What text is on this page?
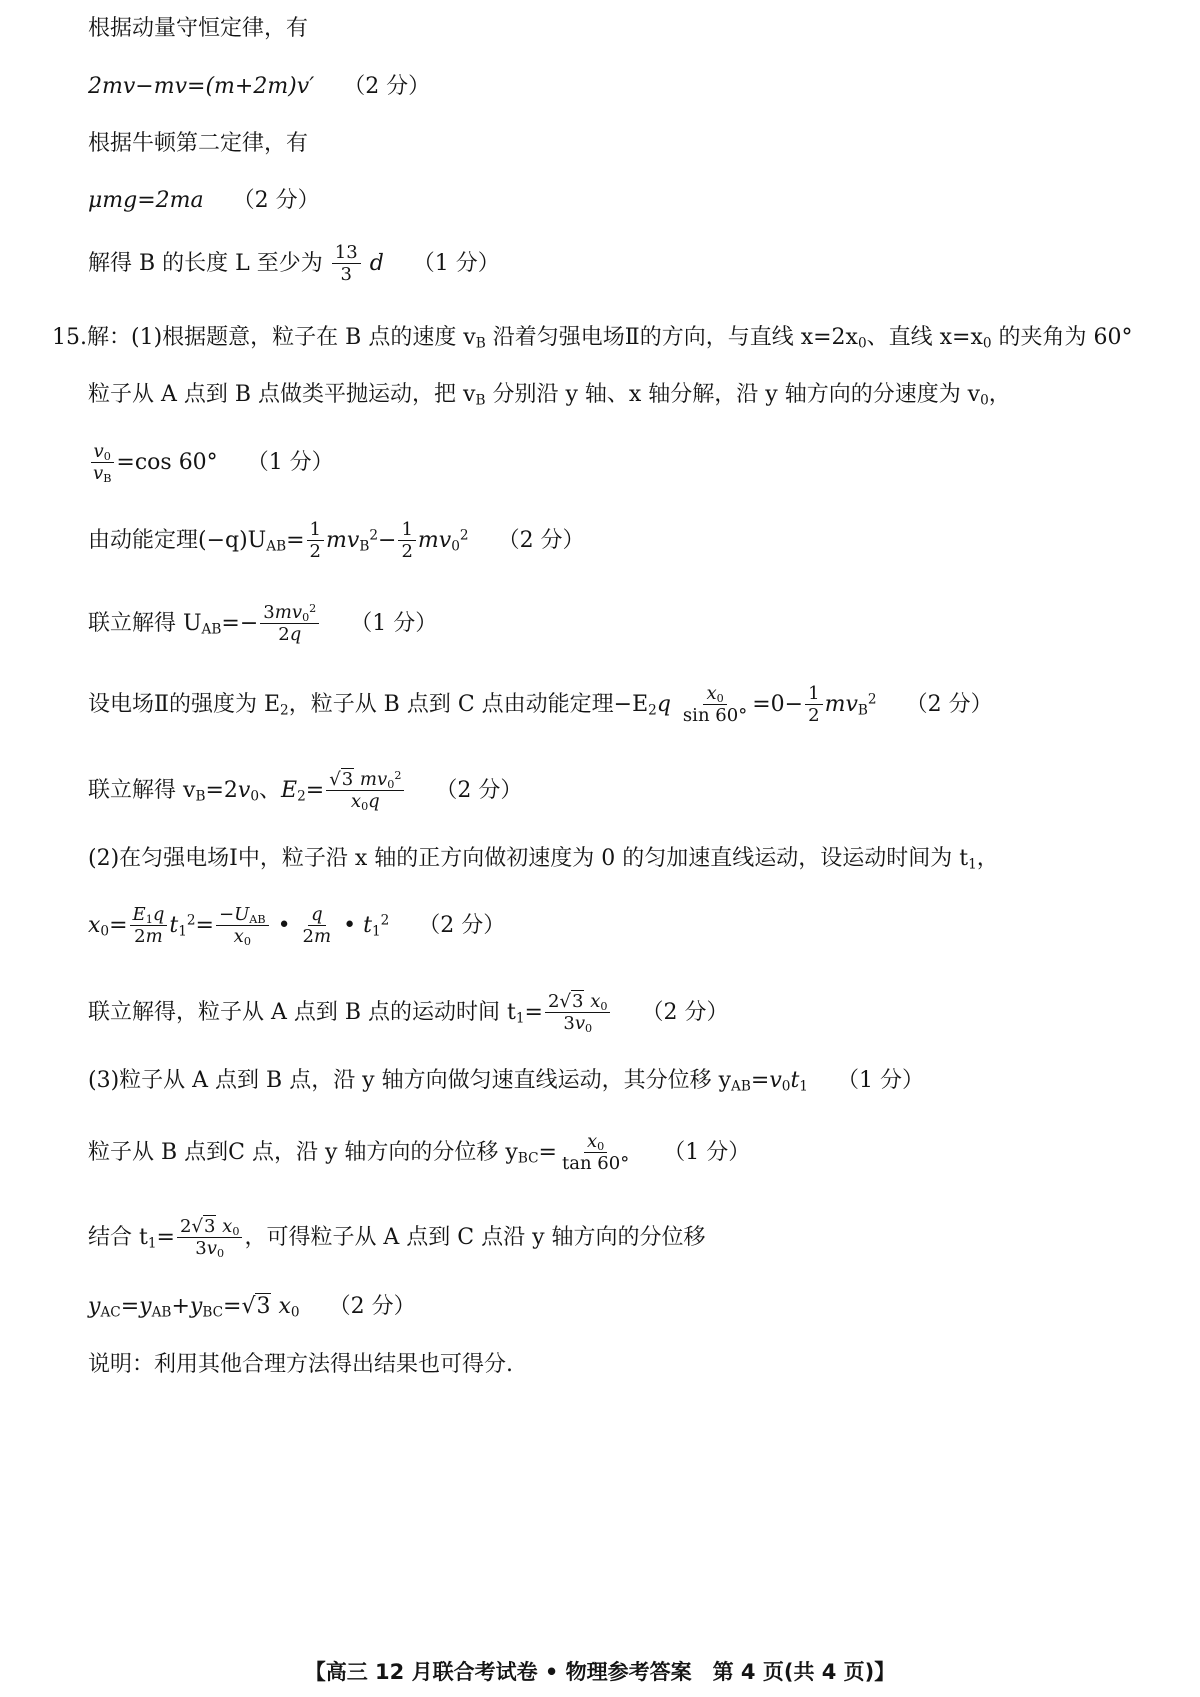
根据动量守恒定律，有
2mv−mv=(m+2m)v′ （2 分）
根据牛顿第二定律，有
μmg=2ma （2 分）
解得 B 的长度 L 至少为 $\frac{13}{3}$ d （1 分）
15.解：(1)根据题意，粒子在 B 点的速度 $v_B$ 沿着匀强电场Ⅱ的方向，与直线 $x=2x_0$、直线 $x=x_0$ 的夹角为 60°
粒子从 A 点到 B 点做类平抛运动，把 $v_B$ 分别沿 y 轴、x 轴分解，沿 y 轴方向的分速度为 $v_0$，
$\frac{v_0}{v_B} =\cos$ 60° （1 分）
由动能定理$(-q)U_{AB}= \frac{1}{2} mv_B^2- \frac{1}{2} mv_0^2$ （2 分）
联立解得 $U_{AB}=- \frac{3mv_0^2}{2q} (1$ 分）
设电场Ⅱ的强度为 $E_2$，粒子从 B 点到 C 点由动能定理$-E_2q \frac{x_0}{\sin 60^\circ} =0- \frac{1}{2} mv_B^2$ （2 分）
联立解得 $v_B=2v_0$、$E_2= \frac{√3 mv_0^2}{x_0q} (2$ 分）
(2)在匀强电场Ⅰ中，粒子沿 x 轴的正方向做初速度为 0 的匀加速直线运动，设运动时间为 $t_1$，
$x_0= \frac{E_1q}{2m} t_1^2= \frac{-U_{AB}}{x_0}$ • $\frac{q}{2m}$ • $t_1^2$ （2 分）
联立解得，粒子从 A 点到 B 点的运动时间 $t_1= \frac{2√3 x_0}{3v_0} (2$ 分）
(3)粒子从 A 点到 B 点，沿 y 轴方向做匀速直线运动，其分位移 $y_{AB}=v_0t_1$ （1 分）
粒子从 B 点到C 点，沿 y 轴方向的分位移 $y_{BC}= \frac{x_0}{\tan 60^\circ} (1$ 分）
结合 $t_1= \frac{2√3 x_0}{3v_0}$ ，可得粒子从 A 点到 C 点沿 y 轴方向的分位移
$y_{AC}=y_{AB}+y_{BC}=√3$ $x_0$ （2 分）
说明：利用其他合理方法得出结果也可得分.
【高三 12 月联合考试卷 • 物理参考答案　第 4 页(共 4 页)】
